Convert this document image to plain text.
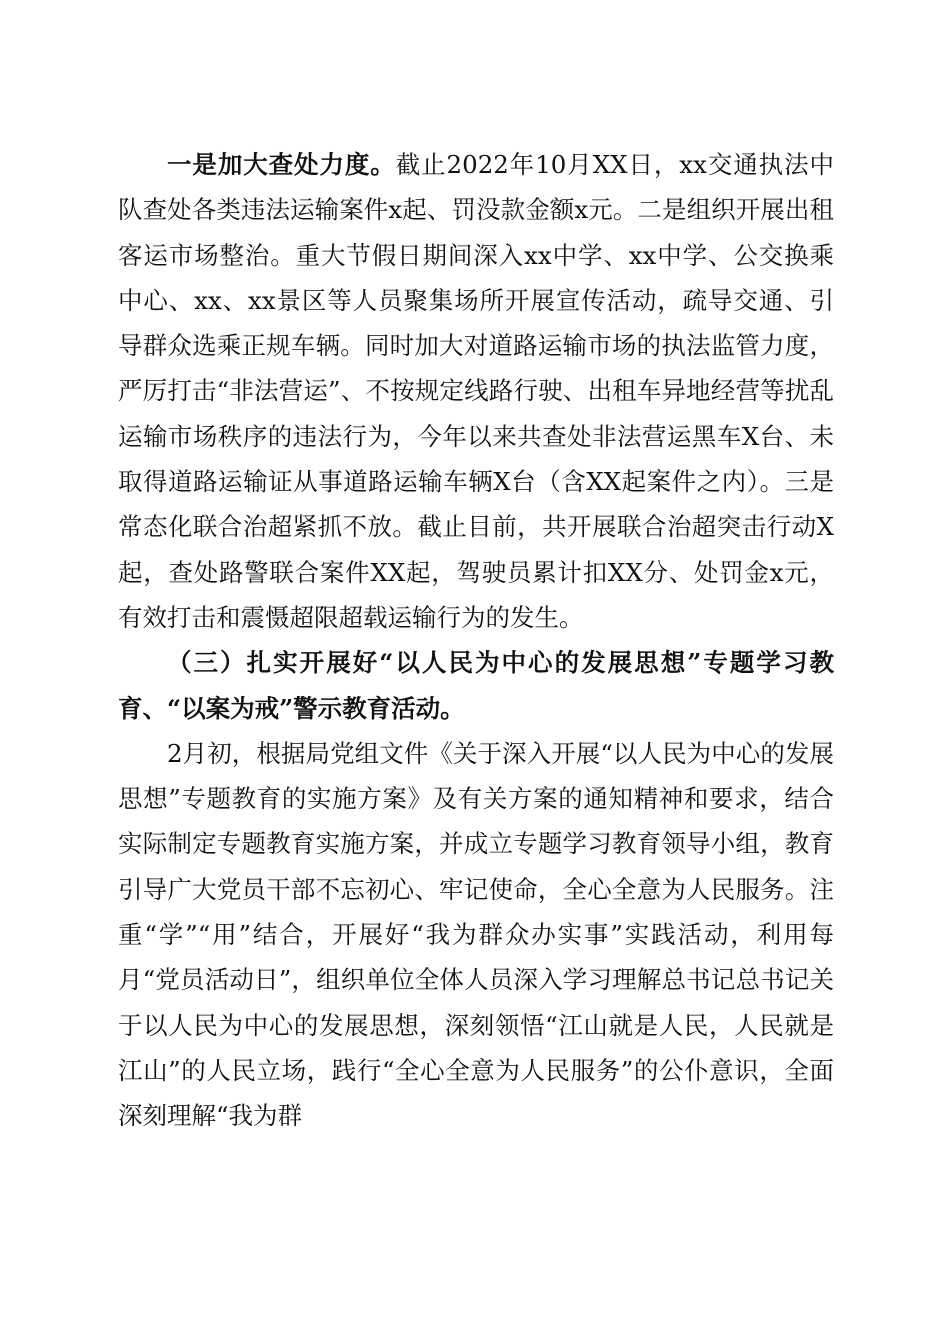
一是加大查处力度。截止2022年10月XX日，xx交通执法中队查处各类违法运输案件x起、罚没款金额x元。二是组织开展出租客运市场整治。重大节假日期间深入xx中学、xx中学、公交换乘中心、xx、xx景区等人员聚集场所开展宣传活动，疏导交通、引导群众选乘正规车辆。同时加大对道路运输市场的执法监管力度，严厉打击“非法营运”、不按规定线路行驶、出租车异地经营等扰乱运输市场秩序的违法行为，今年以来共查处非法营运黑车X台、未取得道路运输证从事道路运输车辆X台（含XX起案件之内）。三是常态化联合治超紧抓不放。截止目前，共开展联合治超突击行动X起，查处路警联合案件XX起，驾驶员累计扣XX分、处罚金x元，有效打击和震慑超限超载运输行为的发生。

（三）扎实开展好“以人民为中心的发展思想”专题学习教育、“以案为戒”警示教育活动。

2月初，根据局党组文件《关于深入开展“以人民为中心的发展思想”专题教育的实施方案》及有关方案的通知精神和要求，结合实际制定专题教育实施方案，并成立专题学习教育领导小组，教育引导广大党员干部不忘初心、牢记使命，全心全意为人民服务。注重“学”“用”结合，开展好“我为群众办实事”实践活动，利用每月“党员活动日”，组织单位全体人员深入学习理解总书记总书记关于以人民为中心的发展思想，深刻领悟“江山就是人民，人民就是江山”的人民立场，践行“全心全意为人民服务”的公仆意识，全面深刻理解“我为群
